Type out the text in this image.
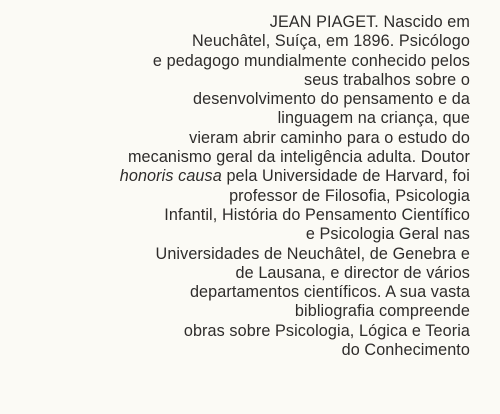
JEAN PIAGET. Nascido em
Neuchâtel, Suíça, em 1896. Psicólogo
e pedagogo mundialmente conhecido pelos
seus trabalhos sobre o
desenvolvimento do pensamento e da
linguagem na criança, que
vieram abrir caminho para o estudo do
mecanismo geral da inteligência adulta. Doutor
honoris causa pela Universidade de Harvard, foi
professor de Filosofia, Psicologia
Infantil, História do Pensamento Científico
e Psicologia Geral nas
Universidades de Neuchâtel, de Genebra e
de Lausana, e director de vários
departamentos científicos. A sua vasta
bibliografia compreende
obras sobre Psicologia, Lógica e Teoria
do Conhecimento
